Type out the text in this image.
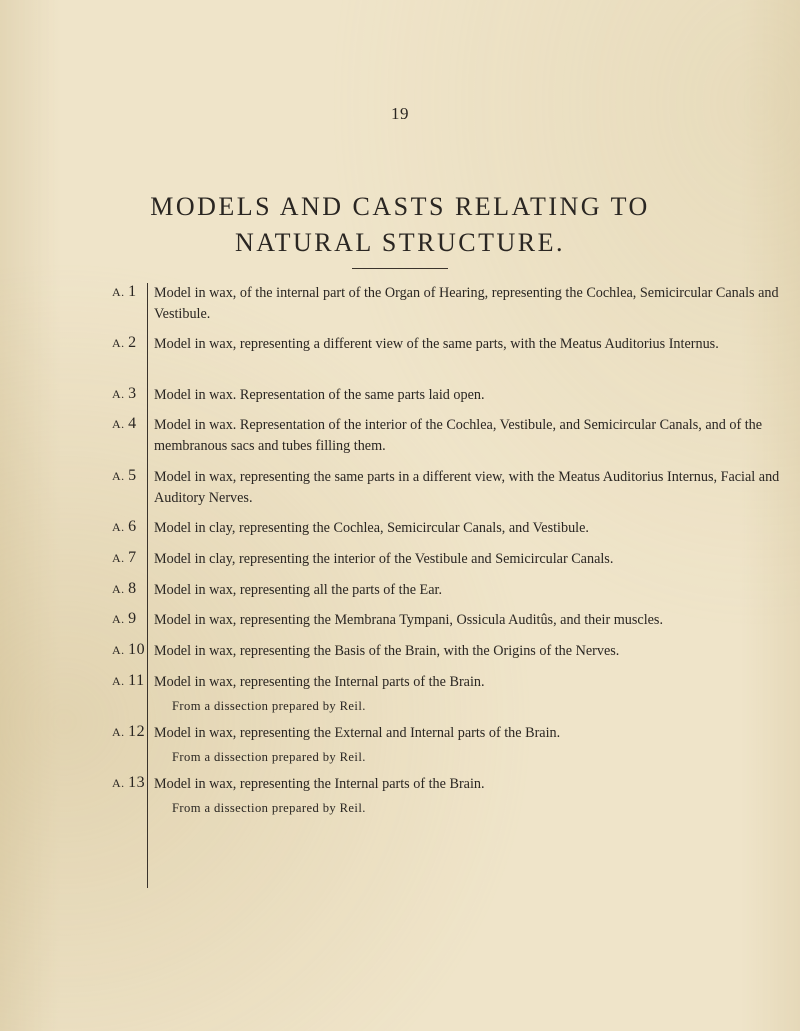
19
MODELS AND CASTS RELATING TO
NATURAL STRUCTURE.
A. 1	Model in wax, of the internal part of the Organ of Hearing, representing the Cochlea, Semicircular Canals and Vestibule.
A. 2	Model in wax, representing a different view of the same parts, with the Meatus Auditorius Internus.
A. 3	Model in wax. Representation of the same parts laid open.
A. 4	Model in wax. Representation of the interior of the Cochlea, Vestibule, and Semicircular Canals, and of the membranous sacs and tubes filling them.
A. 5	Model in wax, representing the same parts in a different view, with the Meatus Auditorius Internus, Facial and Auditory Nerves.
A. 6	Model in clay, representing the Cochlea, Semicircular Canals, and Vestibule.
A. 7	Model in clay, representing the interior of the Vestibule and Semicircular Canals.
A. 8	Model in wax, representing all the parts of the Ear.
A. 9	Model in wax, representing the Membrana Tympani, Ossicula Auditûs, and their muscles.
A. 10 Model in wax, representing the Basis of the Brain, with the Origins of the Nerves.
A. 11 Model in wax, representing the Internal parts of the Brain.
From a dissection prepared by Reil.
A. 12 Model in wax, representing the External and Internal parts of the Brain.
From a dissection prepared by Reil.
A. 13 Model in wax, representing the Internal parts of the Brain.
From a dissection prepared by Reil.
